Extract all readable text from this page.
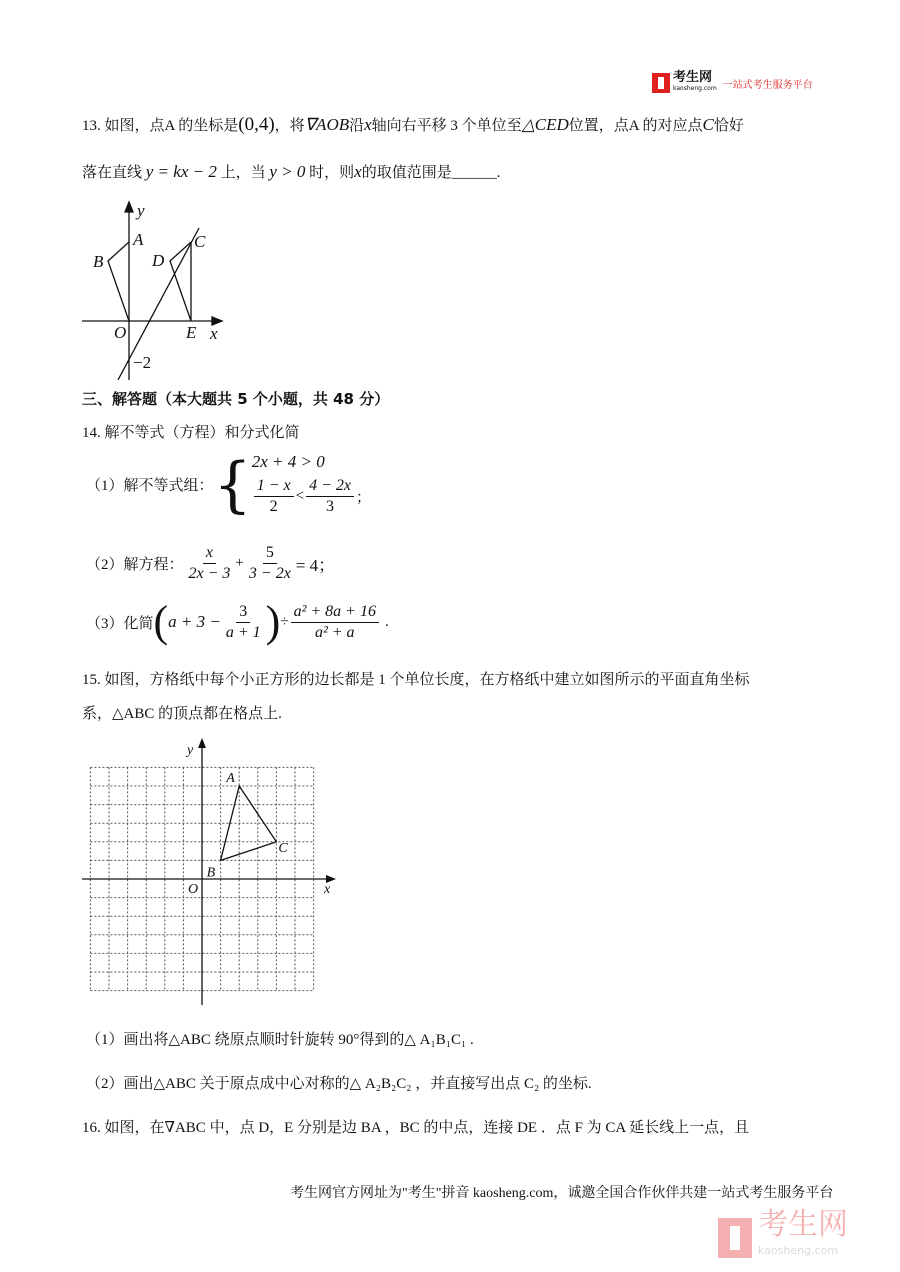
考生网
kaosheng.com 一站式考生服务平台
13. 如图，点A 的坐标是(0,4)，将∇AOB沿x轴向右平移 3 个单位至△CED位置，点A 的对应点C恰好
落在直线 y = kx − 2 上，当 y > 0 时，则x的取值范围是______.
y
A
B
C
D
O	E x
−2
y
x
O
A
B
C
三、解答题（本大题共 5 个小题，共 48 分）
14. 解不等式（方程）和分式化简
（1）解不等式组： { 2x + 4 > 0
$\frac{1 - x}{2} < \frac{4 - 2x}{3}$ ；
（2）解方程： $\frac{x}{2x - 3} + \frac{5}{3 - 2x} = 4$；
（3）化简 ( $a + 3 - \frac{3}{a + 1}$ ) ÷ $\frac{\text{a² + 8a + 16}}{\text{a² + a}}$ .
15. 如图，方格纸中每个小正方形的边长都是 1 个单位长度，在方格纸中建立如图所示的平面直角坐标
系，△ABC 的顶点都在格点上.
（1）画出将△ABC 绕原点顺时针旋转 90°得到的△ A₁B₁C₁ .
（2）画出△ABC 关于原点成中心对称的△ A₂B₂C₂ ，并直接写出点 C₂ 的坐标.
16. 如图，在∇ABC 中，点 D，E 分别是边 BA ，BC 的中点，连接 DE ．点 F 为 CA 延长线上一点，且
考生网官方网址为"考生"拼音 kaosheng.com，诚邀全国合作伙伴共建一站式考生服务平台
考生网
kaosheng.com
